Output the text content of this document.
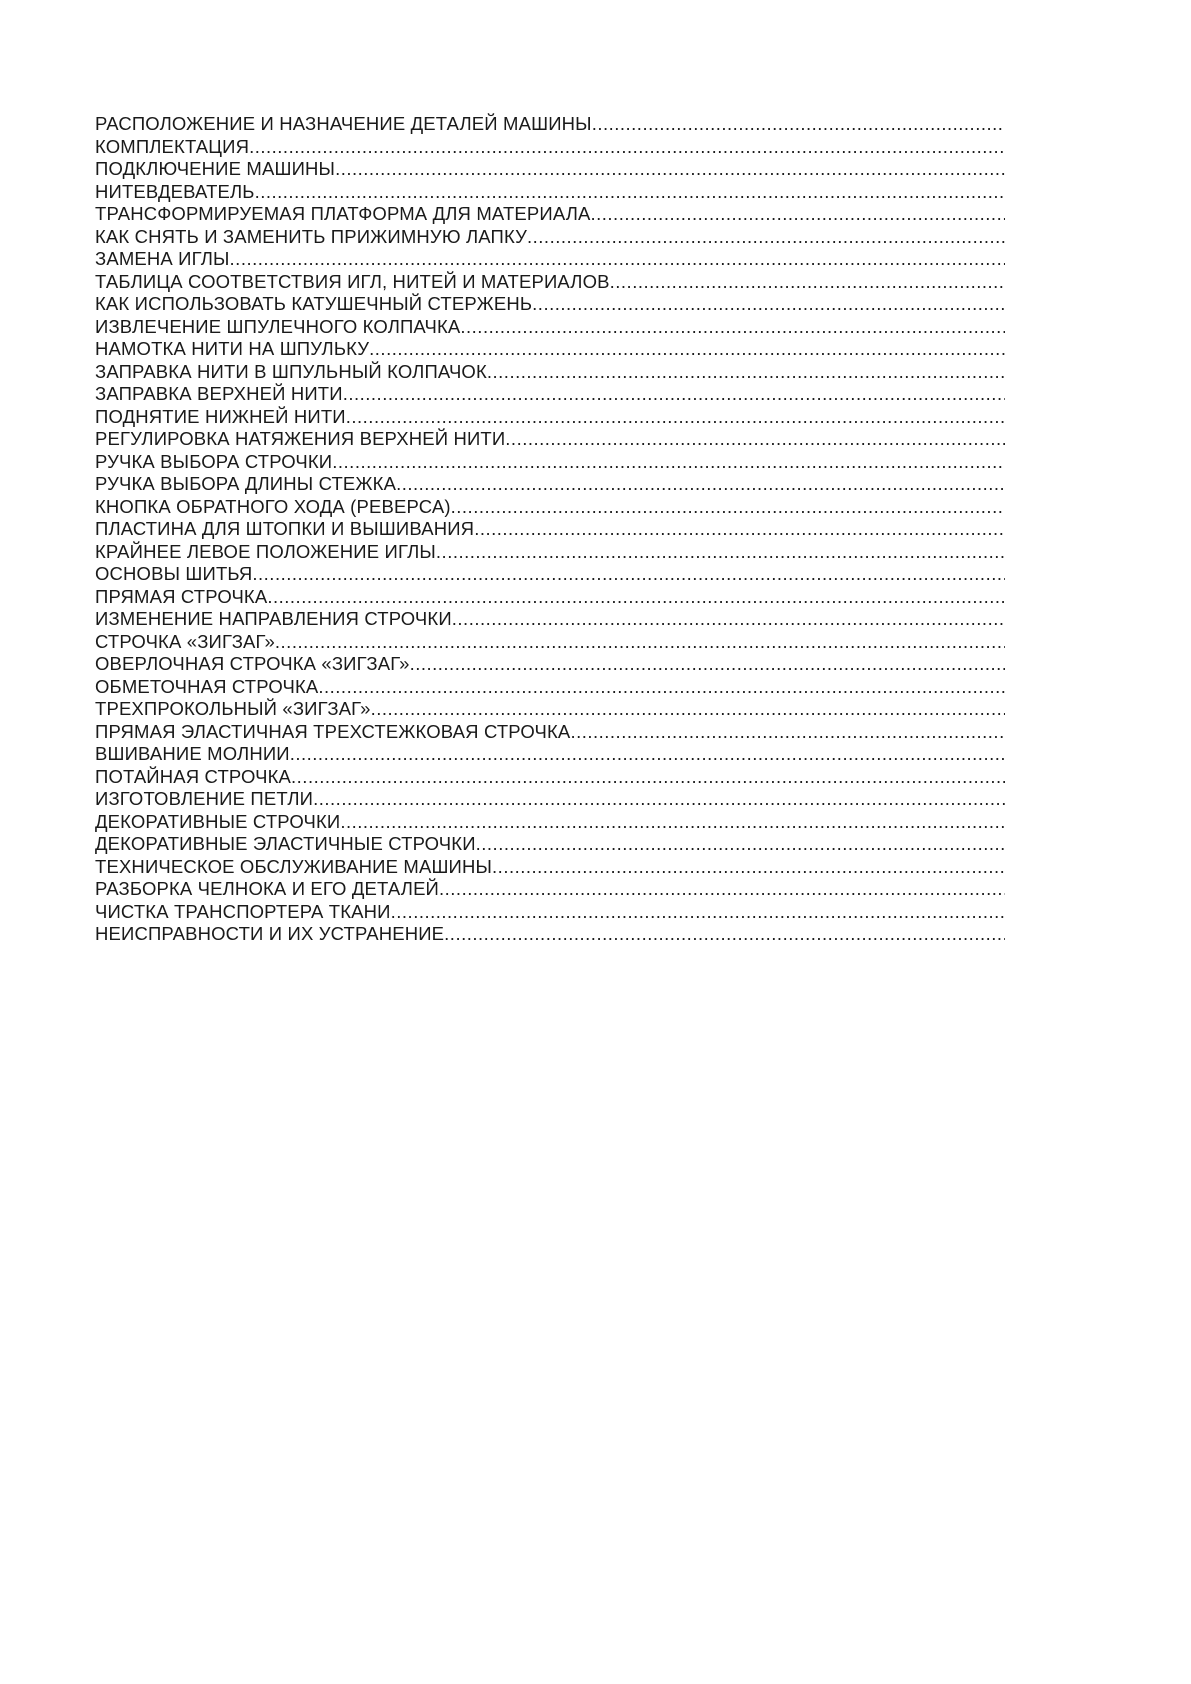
РАСПОЛОЖЕНИЕ И НАЗНАЧЕНИЕ ДЕТАЛЕЙ МАШИНЫ
.....
КОМПЛЕКТАЦИЯ
.....
ПОДКЛЮЧЕНИЕ МАШИНЫ
.....
НИТЕВДЕВАТЕЛЬ
.....
ТРАНСФОРМИРУЕМАЯ ПЛАТФОРМА ДЛЯ МАТЕРИАЛА
.....
КАК СНЯТЬ И ЗАМЕНИТЬ ПРИЖИМНУЮ ЛАПКУ
.....
ЗАМЕНА ИГЛЫ
.....
ТАБЛИЦА СООТВЕТСТВИЯ ИГЛ, НИТЕЙ И МАТЕРИАЛОВ
.....
КАК ИСПОЛЬЗОВАТЬ КАТУШЕЧНЫЙ СТЕРЖЕНЬ
.....
ИЗВЛЕЧЕНИЕ ШПУЛЕЧНОГО КОЛПАЧКА
.....
НАМОТКА НИТИ НА ШПУЛЬКУ
.....
ЗАПРАВКА НИТИ В ШПУЛЬНЫЙ КОЛПАЧОК
.....
ЗАПРАВКА ВЕРХНЕЙ НИТИ
.....
ПОДНЯТИЕ НИЖНЕЙ НИТИ
.....
РЕГУЛИРОВКА НАТЯЖЕНИЯ ВЕРХНЕЙ НИТИ
.....
РУЧКА ВЫБОРА СТРОЧКИ
.....
РУЧКА ВЫБОРА ДЛИНЫ СТЕЖКА
.....
КНОПКА ОБРАТНОГО ХОДА (РЕВЕРСА)
.....
ПЛАСТИНА ДЛЯ ШТОПКИ И ВЫШИВАНИЯ
.....
КРАЙНЕЕ ЛЕВОЕ ПОЛОЖЕНИЕ ИГЛЫ
.....
ОСНОВЫ ШИТЬЯ
.....
ПРЯМАЯ СТРОЧКА
.....
ИЗМЕНЕНИЕ НАПРАВЛЕНИЯ СТРОЧКИ
.....
СТРОЧКА «ЗИГЗАГ»
.....
ОВЕРЛОЧНАЯ СТРОЧКА «ЗИГЗАГ»
.....
ОБМЕТОЧНАЯ СТРОЧКА
.....
ТРЕХПРОКОЛЬНЫЙ «ЗИГЗАГ»
.....
ПРЯМАЯ ЭЛАСТИЧНАЯ ТРЕХСТЕЖКОВАЯ СТРОЧКА
.....
ВШИВАНИЕ МОЛНИИ
.....
ПОТАЙНАЯ СТРОЧКА
.....
ИЗГОТОВЛЕНИЕ ПЕТЛИ
.....
ДЕКОРАТИВНЫЕ СТРОЧКИ
.....
ДЕКОРАТИВНЫЕ ЭЛАСТИЧНЫЕ СТРОЧКИ
.....
ТЕХНИЧЕСКОЕ ОБСЛУЖИВАНИЕ МАШИНЫ
.....
РАЗБОРКА ЧЕЛНОКА И ЕГО ДЕТАЛЕЙ
.....
ЧИСТКА ТРАНСПОРТЕРА ТКАНИ
.....
НЕИСПРАВНОСТИ И ИХ УСТРАНЕНИЕ
.....
